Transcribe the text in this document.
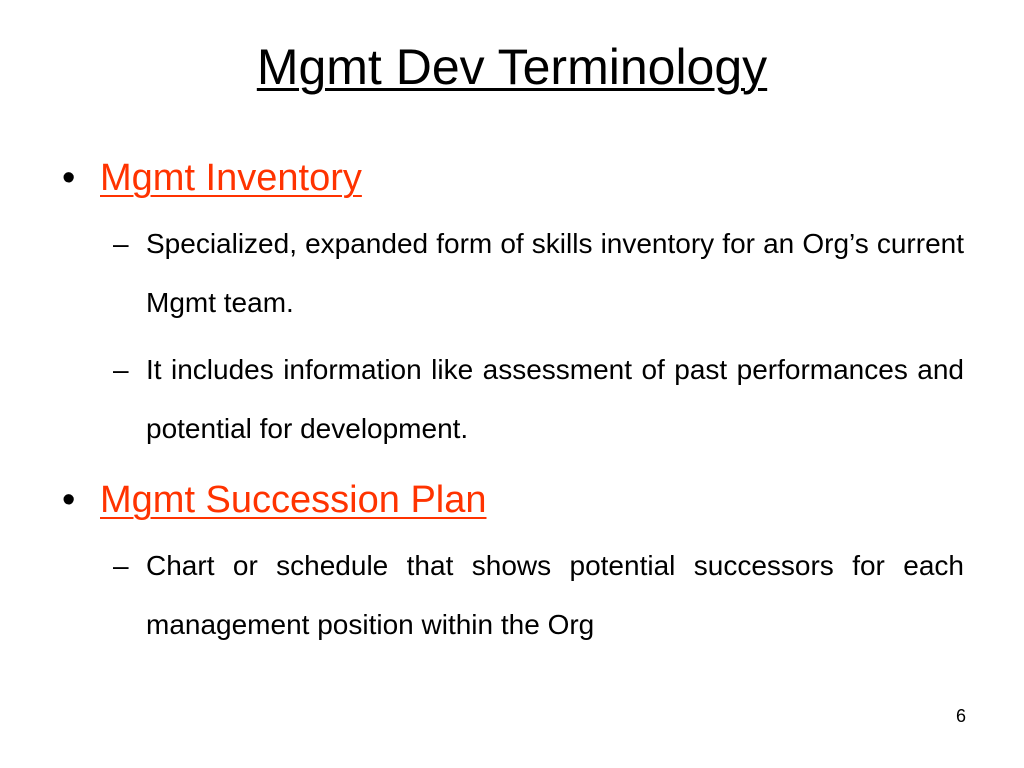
Mgmt Dev Terminology
• Mgmt Inventory
– Specialized, expanded form of skills inventory for an Org’s current Mgmt team.
– It includes information like assessment of past performances and potential for development.
• Mgmt Succession Plan
– Chart or schedule that shows potential successors for each management position within the Org
6
